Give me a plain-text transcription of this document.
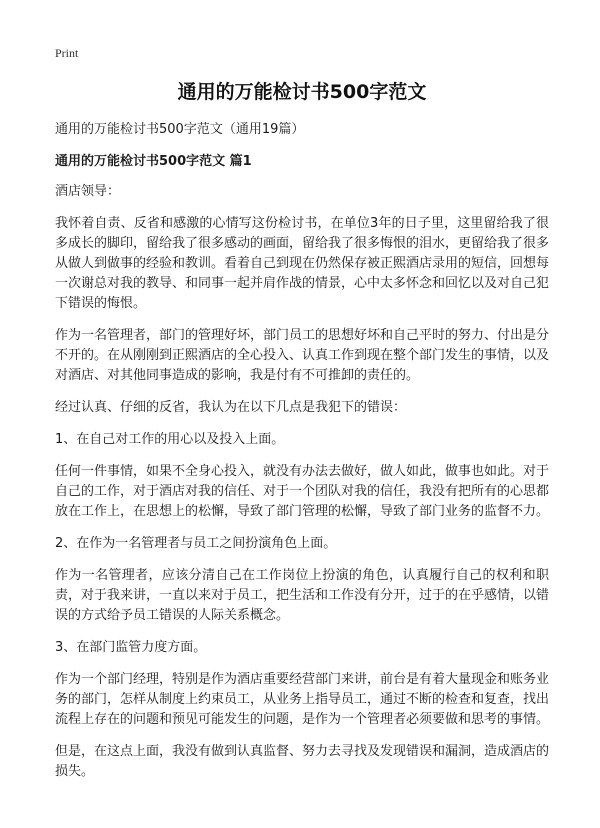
Print
通用的万能检讨书500字范文

通用的万能检讨书500字范文（通用19篇）

通用的万能检讨书500字范文 篇1

酒店领导：

我怀着自责、反省和感激的心情写这份检讨书，在单位3年的日子里，这里留给我了很多成长的脚印，留给我了很多感动的画面，留给我了很多悔恨的泪水，更留给我了很多从做人到做事的经验和教训。看着自己到现在仍然保存被正熙酒店录用的短信，回想每一次谢总对我的教导、和同事一起并肩作战的情景，心中太多怀念和回忆以及对自己犯下错误的悔恨。

作为一名管理者，部门的管理好坏，部门员工的思想好坏和自己平时的努力、付出是分不开的。在从刚刚到正熙酒店的全心投入、认真工作到现在整个部门发生的事情，以及对酒店、对其他同事造成的影响，我是付有不可推卸的责任的。

经过认真、仔细的反省，我认为在以下几点是我犯下的错误：

1、在自己对工作的用心以及投入上面。

任何一件事情，如果不全身心投入，就没有办法去做好，做人如此，做事也如此。对于自己的工作，对于酒店对我的信任、对于一个团队对我的信任，我没有把所有的心思都放在工作上，在思想上的松懈，导致了部门管理的松懈，导致了部门业务的监督不力。

2、在作为一名管理者与员工之间扮演角色上面。

作为一名管理者，应该分清自己在工作岗位上扮演的角色，认真履行自己的权利和职责，对于我来讲，一直以来对于员工，把生活和工作没有分开，过于的在乎感情，以错误的方式给予员工错误的人际关系概念。

3、在部门监管力度方面。

作为一个部门经理，特别是作为酒店重要经营部门来讲，前台是有着大量现金和账务业务的部门，怎样从制度上约束员工，从业务上指导员工，通过不断的检查和复查，找出流程上存在的问题和预见可能发生的问题，是作为一个管理者必须要做和思考的事情。

但是，在这点上面，我没有做到认真监督、努力去寻找及发现错误和漏洞，造成酒店的损失。
